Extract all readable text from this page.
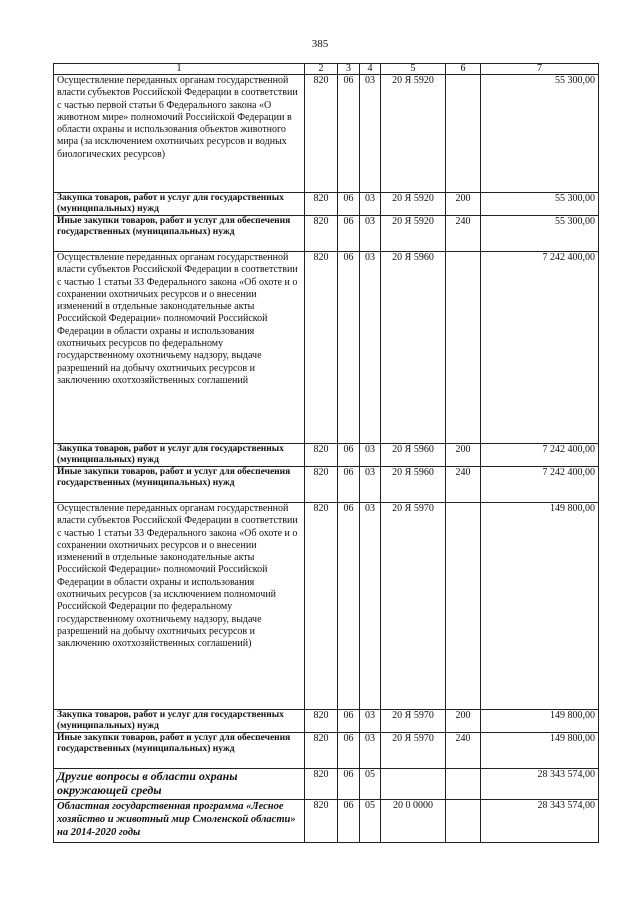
385
1	2	3	4	5	6	7
Осуществление переданных органам государственной власти субъектов Российской Федерации в соответствии с частью первой статьи 6 Федерального закона «О животном мире» полномочий Российской Федерации в области охраны и использования объектов животного мира (за исключением охотничьих ресурсов и водных биологических ресурсов)	820	06	03	20 Я 5920		55 300,00
Закупка товаров, работ и услуг для государственных (муниципальных) нужд	820	06	03	20 Я 5920	200	55 300,00
Иные закупки товаров, работ и услуг для обеспечения государственных (муниципальных) нужд	820	06	03	20 Я 5920	240	55 300,00
Осуществление переданных органам государственной власти субъектов Российской Федерации в соответствии с частью 1 статьи 33 Федерального закона «Об охоте и о сохранении охотничьих ресурсов и о внесении изменений в отдельные законодательные акты Российской Федерации» полномочий Российской Федерации в области охраны и использования охотничьих ресурсов по федеральному государственному охотничьему надзору, выдаче разрешений на добычу охотничьих ресурсов и заключению охотхозяйственных соглашений	820	06	03	20 Я 5960		7 242 400,00
Закупка товаров, работ и услуг для государственных (муниципальных) нужд	820	06	03	20 Я 5960	200	7 242 400,00
Иные закупки товаров, работ и услуг для обеспечения государственных (муниципальных) нужд	820	06	03	20 Я 5960	240	7 242 400,00
Осуществление переданных органам государственной власти субъектов Российской Федерации в соответствии с частью 1 статьи 33 Федерального закона «Об охоте и о сохранении охотничьих ресурсов и о внесении изменений в отдельные законодательные акты Российской Федерации» полномочий Российской Федерации в области охраны и использования охотничьих ресурсов (за исключением полномочий Российской Федерации по федеральному государственному охотничьему надзору, выдаче разрешений на добычу охотничьих ресурсов и заключению охотхозяйственных соглашений)	820	06	03	20 Я 5970		149 800,00
Закупка товаров, работ и услуг для государственных (муниципальных) нужд	820	06	03	20 Я 5970	200	149 800,00
Иные закупки товаров, работ и услуг для обеспечения государственных (муниципальных) нужд	820	06	03	20 Я 5970	240	149 800,00
Другие вопросы в области охраны окружающей среды	820	06	05			28 343 574,00
Областная государственная программа «Лесное хозяйство и животный мир Смоленской области» на 2014-2020 годы	820	06	05	20 0 0000		28 343 574,00
